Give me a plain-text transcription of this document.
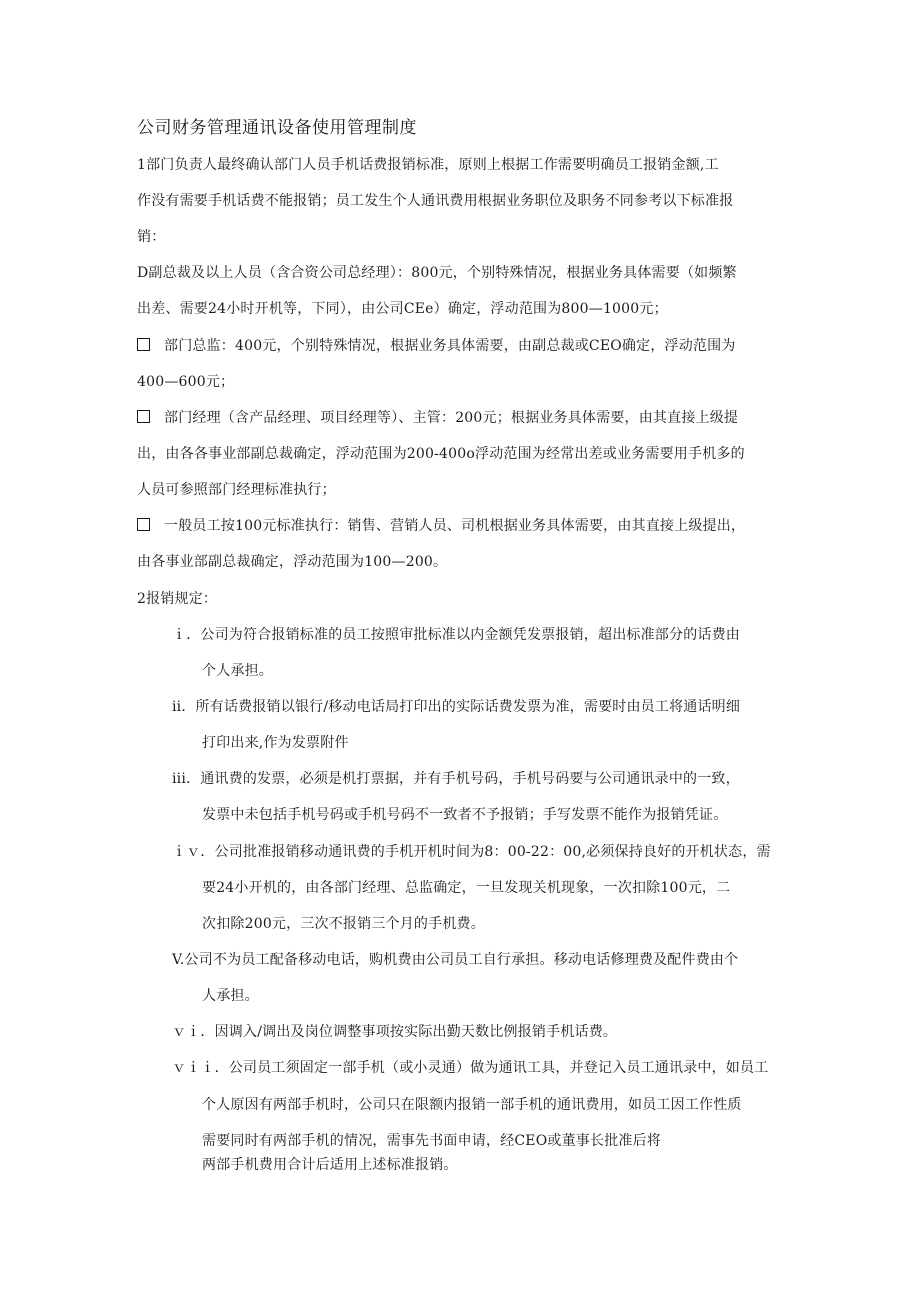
公司财务管理通讯设备使用管理制度
1部门负责人最终确认部门人员手机话费报销标准，原则上根据工作需要明确员工报销金额,工
作没有需要手机话费不能报销；员工发生个人通讯费用根据业务职位及职务不同参考以下标准报
销：
D副总裁及以上人员（含合资公司总经理）：800元，个别特殊情况，根据业务具体需要（如频繁
出差、需要24小时开机等，下同），由公司CEe）确定，浮动范围为800—1000元；
部门总监：400元，个别特殊情况，根据业务具体需要，由副总裁或CEO确定，浮动范围为
400—600元；
部门经理（含产品经理、项目经理等）、主管：200元；根据业务具体需要，由其直接上级提
出，由各各事业部副总裁确定，浮动范围为200-400o浮动范围为经常出差或业务需要用手机多的
人员可参照部门经理标准执行；
一般员工按100元标准执行：销售、营销人员、司机根据业务具体需要，由其直接上级提出，
由各事业部副总裁确定，浮动范围为100—200。
2报销规定：
ｉ．公司为符合报销标准的员工按照审批标准以内金额凭发票报销，超出标准部分的话费由
个人承担。
ii．所有话费报销以银行/移动电话局打印出的实际话费发票为准，需要时由员工将通话明细
打印出来,作为发票附件
iii．通讯费的发票，必须是机打票据，并有手机号码，手机号码要与公司通讯录中的一致，
发票中未包括手机号码或手机号码不一致者不予报销；手写发票不能作为报销凭证。
ｉｖ．公司批准报销移动通讯费的手机开机时间为8：00-22：00,必须保持良好的开机状态，需
要24小开机的，由各部门经理、总监确定，一旦发现关机现象，一次扣除100元，二
次扣除200元，三次不报销三个月的手机费。
V.公司不为员工配备移动电话，购机费由公司员工自行承担。移动电话修理费及配件费由个
人承担。
ｖｉ．因调入/调出及岗位调整事项按实际出勤天数比例报销手机话费。
ｖｉｉ．公司员工须固定一部手机（或小灵通）做为通讯工具，并登记入员工通讯录中，如员工
个人原因有两部手机时，公司只在限额内报销一部手机的通讯费用，如员工因工作性质
需要同时有两部手机的情况，需事先书面申请，经CEO或董事长批准后将
两部手机费用合计后适用上述标准报销。
